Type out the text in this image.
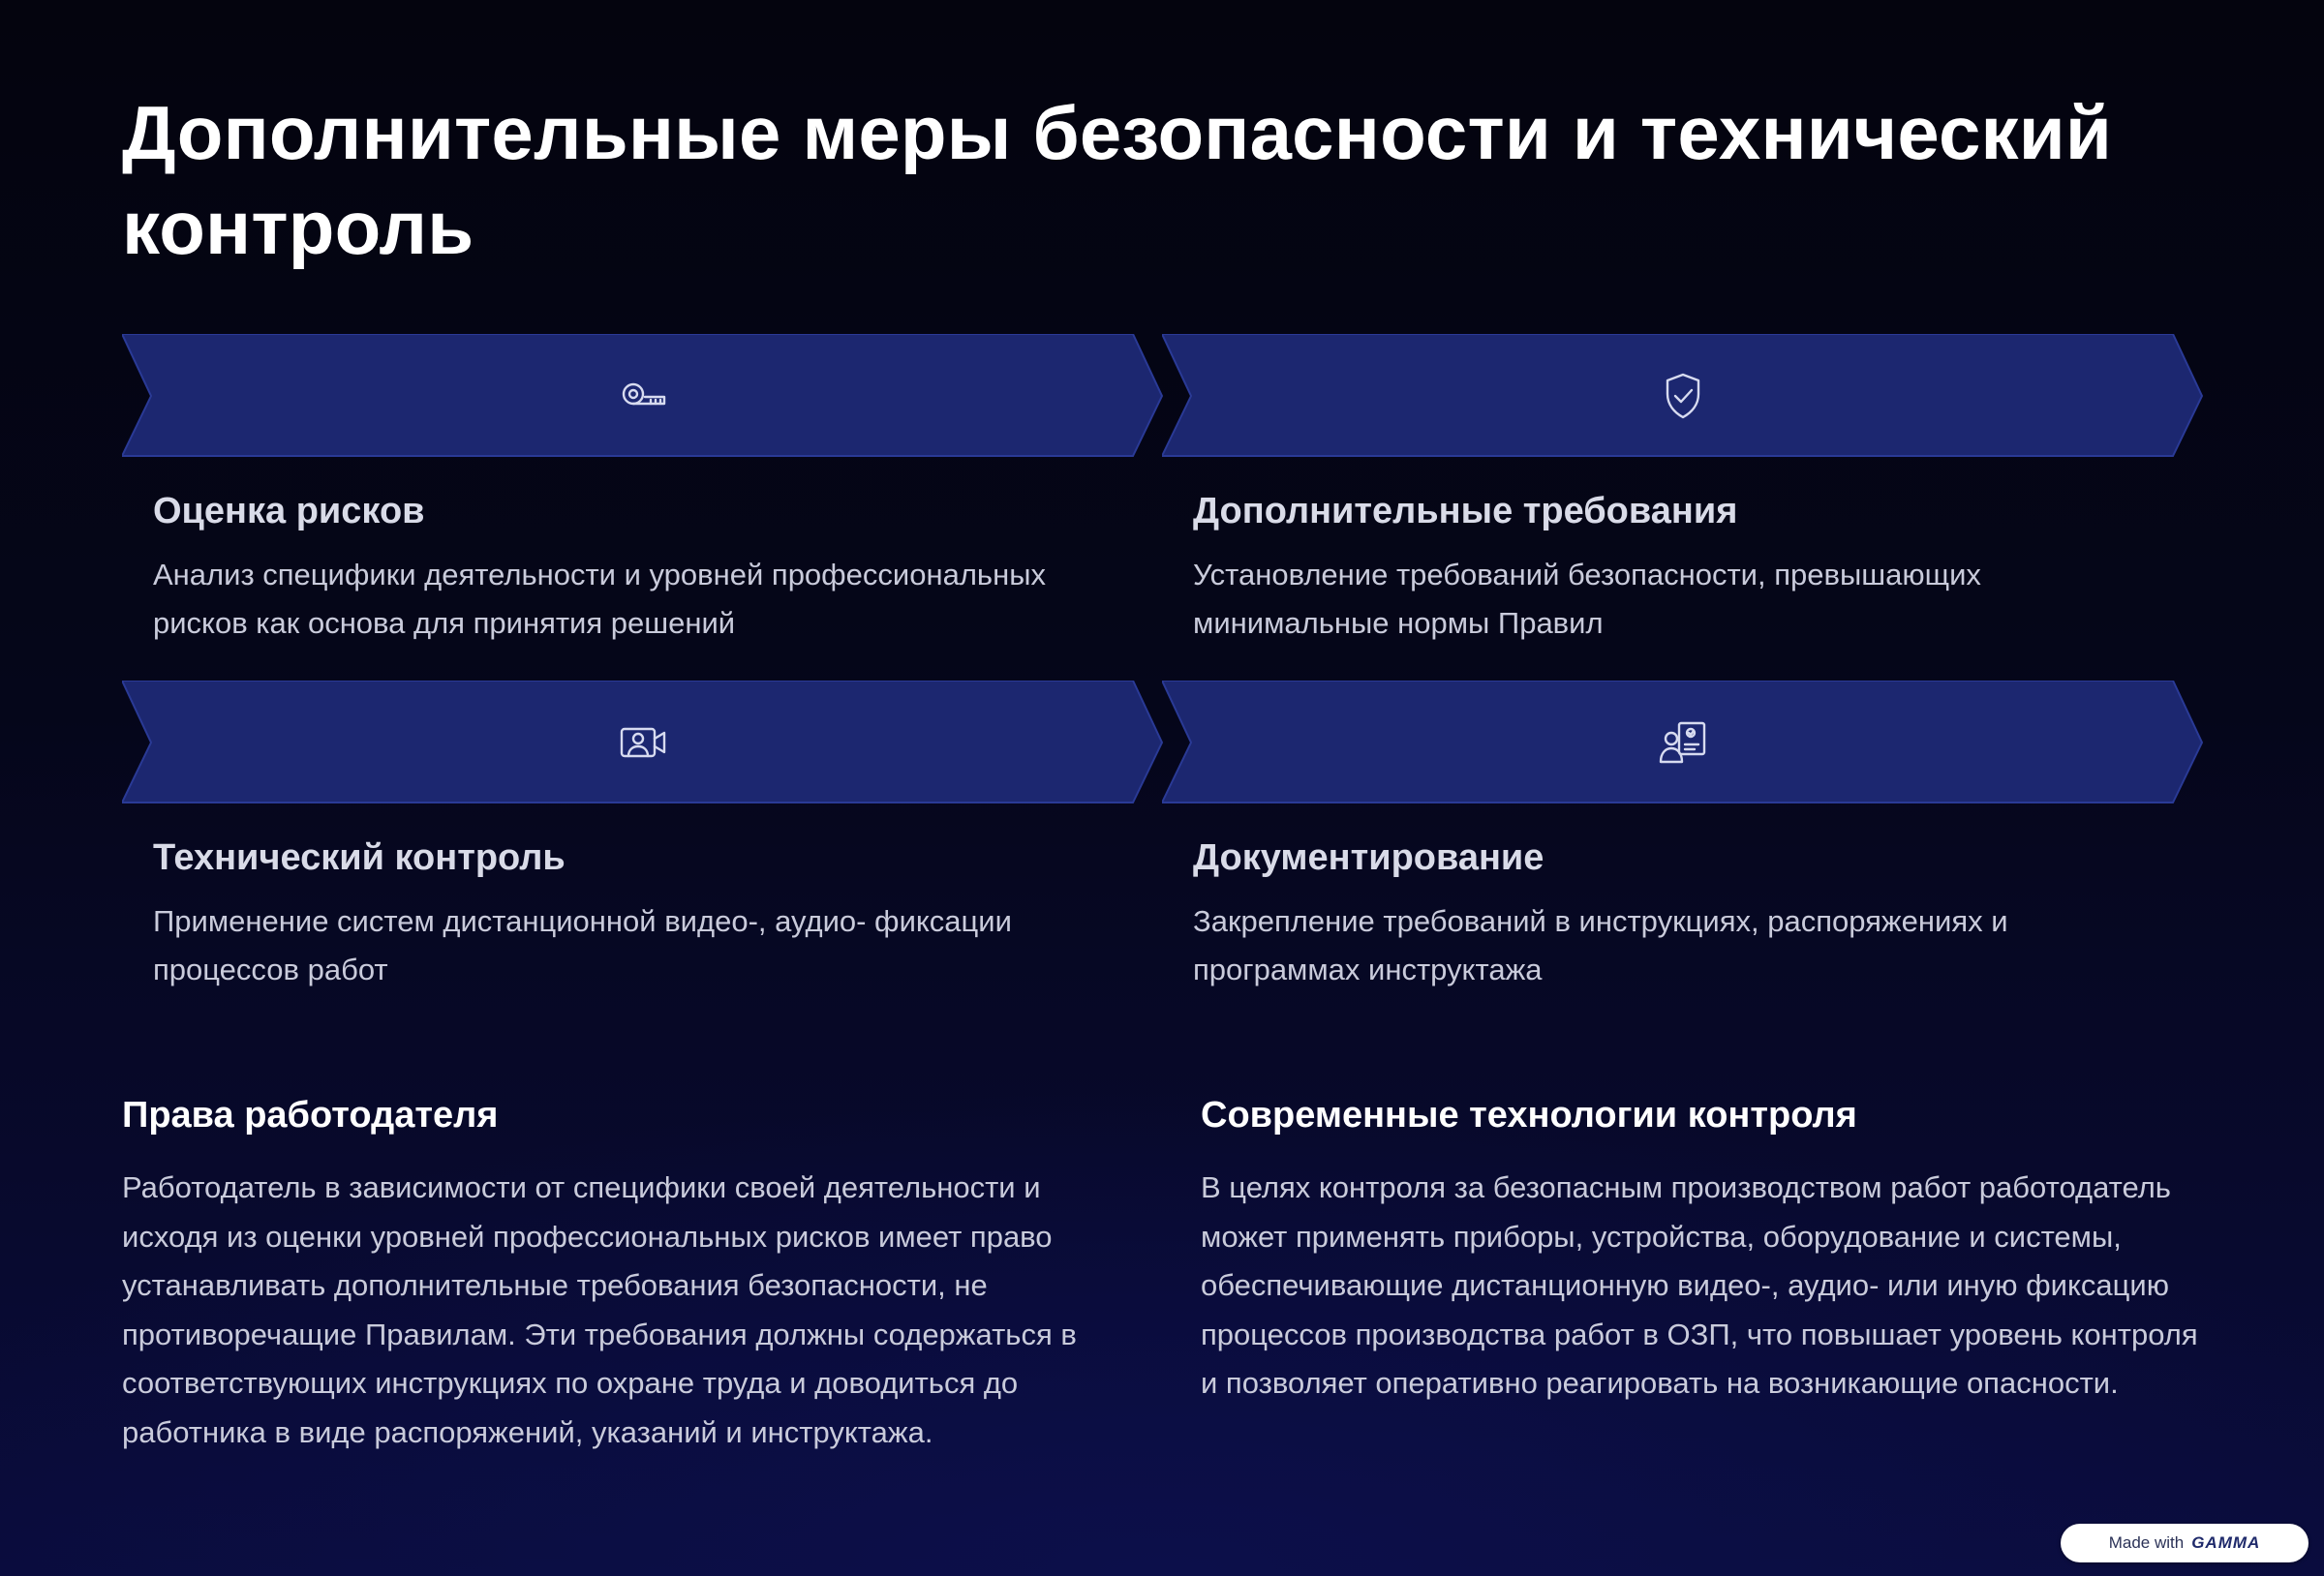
Дополнительные меры безопасности и технический контроль
Оценка рисков

Анализ специфики деятельности и уровней профессиональных рисков как основа для принятия решений

Дополнительные требования

Установление требований безопасности, превышающих минимальные нормы Правил

Технический контроль

Применение систем дистанционной видео-, аудио- фиксации процессов работ

Документирование

Закрепление требований в инструкциях, распоряжениях и программах инструктажа

Права работодателя

Работодатель в зависимости от специфики своей деятельности и исходя из оценки уровней профессиональных рисков имеет право устанавливать дополнительные требования безопасности, не противоречащие Правилам. Эти требования должны содержаться в соответствующих инструкциях по охране труда и доводиться до работника в виде распоряжений, указаний и инструктажа.

Современные технологии контроля

В целях контроля за безопасным производством работ работодатель может применять приборы, устройства, оборудование и системы, обеспечивающие дистанционную видео-, аудио- или иную фиксацию процессов производства работ в ОЗП, что повышает уровень контроля и позволяет оперативно реагировать на возникающие опасности.

Made with GAMMA
